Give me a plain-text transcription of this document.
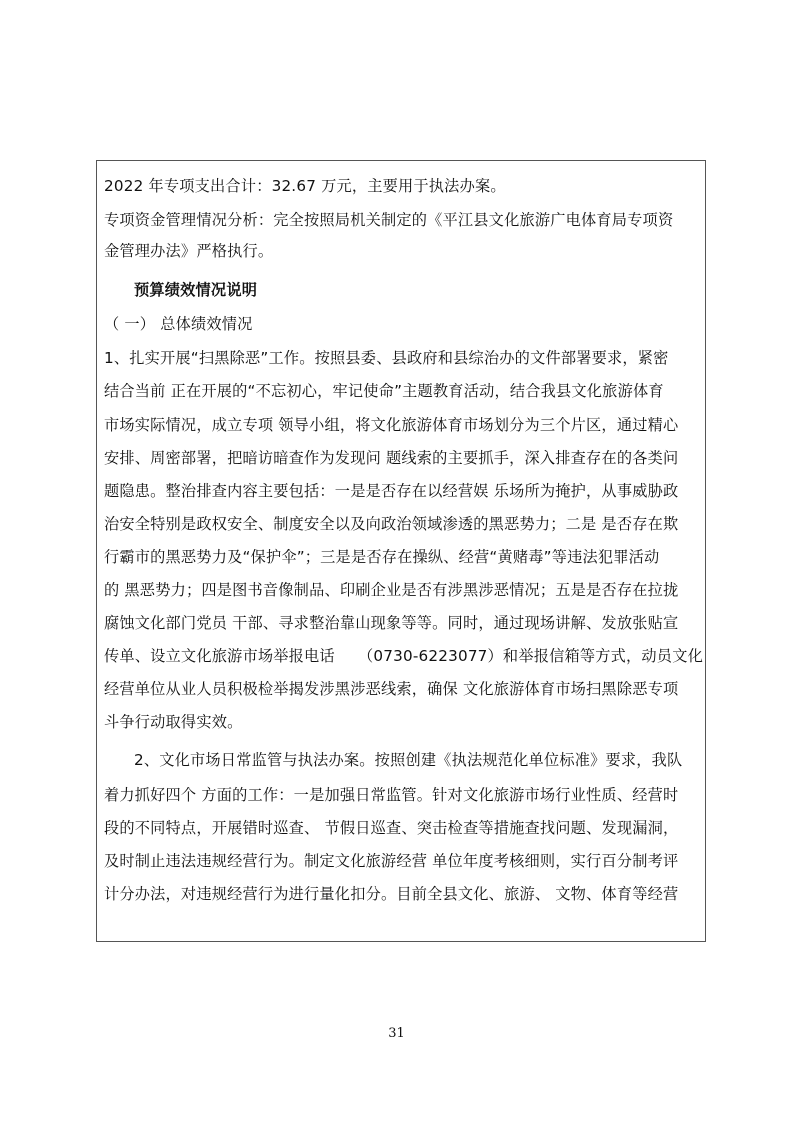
2022 年专项支出合计：32.67 万元，主要用于执法办案。
专项资金管理情况分析：完全按照局机关制定的《平江县文化旅游广电体育局专项资
金管理办法》严格执行。
预算绩效情况说明
（ 一） 总体绩效情况
1、扎实开展“扫黑除恶”工作。按照县委、县政府和县综治办的文件部署要求，紧密
结合当前 正在开展的“不忘初心，牢记使命”主题教育活动，结合我县文化旅游体育
市场实际情况，成立专项 领导小组，将文化旅游体育市场划分为三个片区，通过精心
安排、周密部署，把暗访暗查作为发现问 题线索的主要抓手，深入排查存在的各类问
题隐患。整治排查内容主要包括：一是是否存在以经营娱 乐场所为掩护，从事威胁政
治安全特别是政权安全、制度安全以及向政治领域渗透的黑恶势力；二是 是否存在欺
行霸市的黑恶势力及“保护伞”；三是是否存在操纵、经营“黄赌毒”等违法犯罪活动
的 黑恶势力；四是图书音像制品、印刷企业是否有涉黑涉恶情况；五是是否存在拉拢
腐蚀文化部门党员 干部、寻求整治靠山现象等等。同时，通过现场讲解、发放张贴宣
传单、设立文化旅游市场举报电话　　（0730-6223077）和举报信箱等方式，动员文化
经营单位从业人员积极检举揭发涉黑涉恶线索，确保 文化旅游体育市场扫黑除恶专项
斗争行动取得实效。
2、文化市场日常监管与执法办案。按照创建《执法规范化单位标准》要求，我队
着力抓好四个 方面的工作：一是加强日常监管。针对文化旅游市场行业性质、经营时
段的不同特点，开展错时巡查、 节假日巡查、突击检查等措施查找问题、发现漏洞，
及时制止违法违规经营行为。制定文化旅游经营 单位年度考核细则，实行百分制考评
计分办法，对违规经营行为进行量化扣分。目前全县文化、旅游、 文物、体育等经营
31
